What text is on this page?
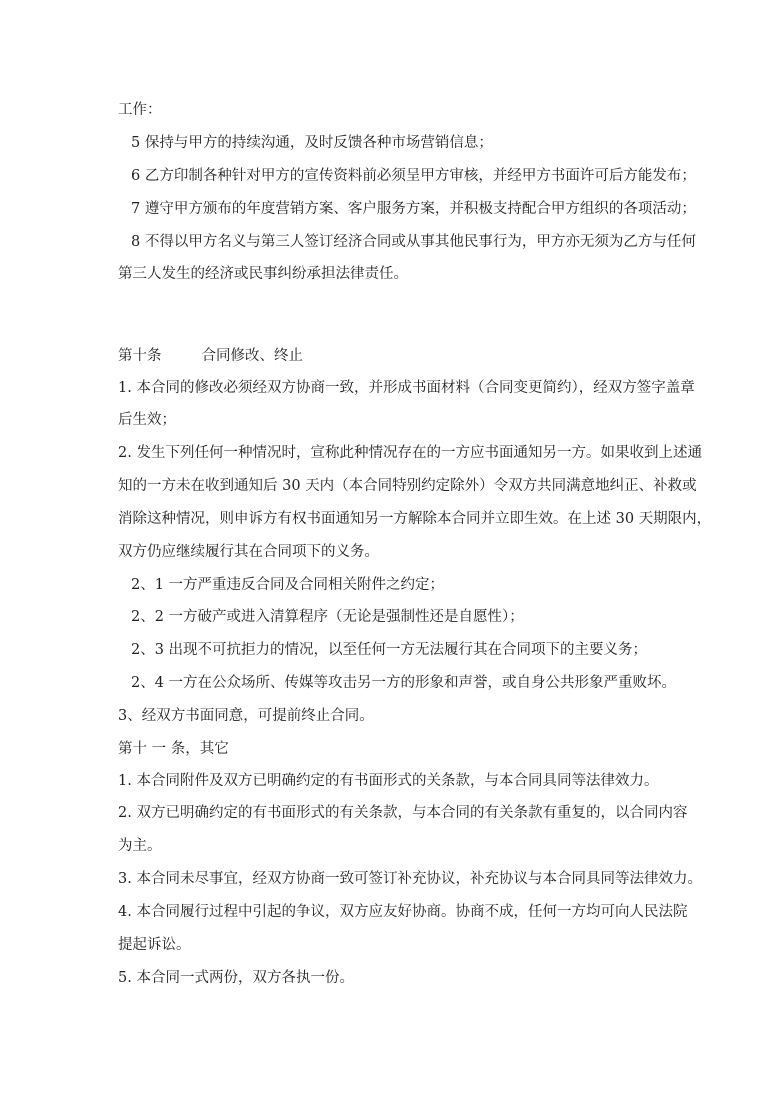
工作：
5 保持与甲方的持续沟通，及时反馈各种市场营销信息；
6 乙方印制各种针对甲方的宣传资料前必须呈甲方审核，并经甲方书面许可后方能发布；
7 遵守甲方颁布的年度营销方案、客户服务方案，并积极支持配合甲方组织的各项活动；
8 不得以甲方名义与第三人签订经济合同或从事其他民事行为，甲方亦无须为乙方与任何
第三人发生的经济或民事纠纷承担法律责任。
第十条	合同修改、终止
1. 本合同的修改必须经双方协商一致，并形成书面材料（合同变更简约），经双方签字盖章
后生效；
2. 发生下列任何一种情况时，宣称此种情况存在的一方应书面通知另一方。如果收到上述通
知的一方未在收到通知后 30 天内（本合同特别约定除外）令双方共同满意地纠正、补救或
消除这种情况，则申诉方有权书面通知另一方解除本合同并立即生效。在上述 30 天期限内，
双方仍应继续履行其在合同项下的义务。
2、1 一方严重违反合同及合同相关附件之约定；
2、2 一方破产或进入清算程序（无论是强制性还是自愿性）；
2、3 出现不可抗拒力的情况，以至任何一方无法履行其在合同项下的主要义务；
2、4 一方在公众场所、传媒等攻击另一方的形象和声誉，或自身公共形象严重败坏。
3、经双方书面同意，可提前终止合同。
第十 一 条，其它
1. 本合同附件及双方已明确约定的有书面形式的关条款，与本合同具同等法律效力。
2. 双方已明确约定的有书面形式的有关条款，与本合同的有关条款有重复的，以合同内容
为主。
3. 本合同未尽事宜，经双方协商一致可签订补充协议，补充协议与本合同具同等法律效力。
4. 本合同履行过程中引起的争议，双方应友好协商。协商不成，任何一方均可向人民法院
提起诉讼。
5. 本合同一式两份，双方各执一份。
